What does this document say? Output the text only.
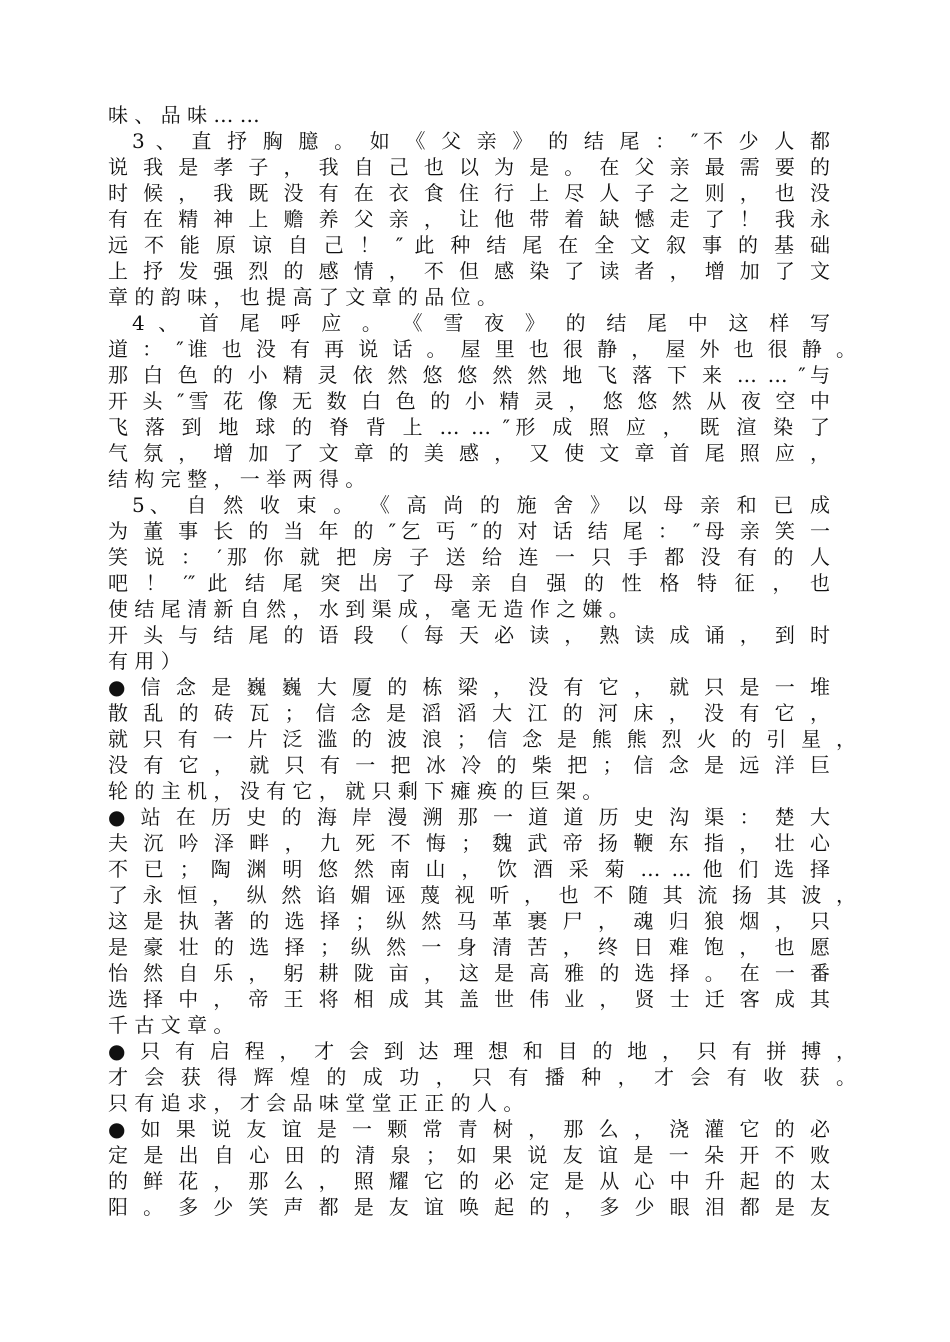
味 、 品 味 … …
3 、 直 抒 胸 臆 。 如 《 父 亲 》 的 结 尾 ： ″不 少 人 都
说 我 是 孝 子 ， 我 自 己 也 以 为 是 。 在 父 亲 最 需 要 的
时 候 ， 我 既 没 有 在 衣 食 住 行 上 尽 人 子 之 则 ， 也 没
有 在 精 神 上 赡 养 父 亲 ， 让 他 带 着 缺 憾 走 了 ！ 我 永
远 不 能 原 谅 自 己 ！ ″ 此 种 结 尾 在 全 文 叙 事 的 基 础
上 抒 发 强 烈 的 感 情 ， 不 但 感 染 了 读 者 ， 增 加 了 文
章 的 韵 味 ， 也 提 高 了 文 章 的 品 位 。
4 、 首 尾 呼 应 。 《 雪 夜 》 的 结 尾 中 这 样 写
道 ： ″谁 也 没 有 再 说 话 。 屋 里 也 很 静 ， 屋 外 也 很 静 。
那 白 色 的 小 精 灵 依 然 悠 悠 然 然 地 飞 落 下 来 … … ″与
开 头 ″雪 花 像 无 数 白 色 的 小 精 灵 ， 悠 悠 然 从 夜 空 中
飞 落 到 地 球 的 脊 背 上 … … ″形 成 照 应 ， 既 渲 染 了
气 氛 ， 增 加 了 文 章 的 美 感 ， 又 使 文 章 首 尾 照 应 ，
结 构 完 整 ， 一 举 两 得 。
5、 自 然 收 束 。 《 高 尚 的 施 舍 》 以 母 亲 和 已 成
为 董 事 长 的 当 年 的 ″乞 丐 ″的 对 话 结 尾 ： ″母 亲 笑 一
笑 说 ： ′那 你 就 把 房 子 送 给 连 一 只 手 都 没 有 的 人
吧 ！ ′″ 此 结 尾 突 出 了 母 亲 自 强 的 性 格 特 征 ， 也
使 结 尾 清 新 自 然 ， 水 到 渠 成 ， 毫 无 造 作 之 嫌 。
开 头 与 结 尾 的 语 段 （ 每 天 必 读 ， 熟 读 成 诵 ， 到 时
有 用 ）
● 信 念 是 巍 巍 大 厦 的 栋 梁 ， 没 有 它 ， 就 只 是 一 堆
散 乱 的 砖 瓦 ； 信 念 是 滔 滔 大 江 的 河 床 ， 没 有 它 ，
就 只 有 一 片 泛 滥 的 波 浪 ； 信 念 是 熊 熊 烈 火 的 引 星 ，
没 有 它 ， 就 只 有 一 把 冰 冷 的 柴 把 ； 信 念 是 远 洋 巨
轮 的 主 机 ， 没 有 它 ， 就 只 剩 下 瘫 痪 的 巨 架 。
● 站 在 历 史 的 海 岸 漫 溯 那 一 道 道 历 史 沟 渠 ： 楚 大
夫 沉 吟 泽 畔 ， 九 死 不 悔 ； 魏 武 帝 扬 鞭 东 指 ， 壮 心
不 已 ； 陶 渊 明 悠 然 南 山 ， 饮 酒 采 菊 … … 他 们 选 择
了 永 恒 ， 纵 然 谄 媚 诬 蔑 视 听 ， 也 不 随 其 流 扬 其 波 ，
这 是 执 著 的 选 择 ； 纵 然 马 革 裹 尸 ， 魂 归 狼 烟 ， 只
是 豪 壮 的 选 择 ； 纵 然 一 身 清 苦 ， 终 日 难 饱 ， 也 愿
怡 然 自 乐 ， 躬 耕 陇 亩 ， 这 是 高 雅 的 选 择 。 在 一 番
选 择 中 ， 帝 王 将 相 成 其 盖 世 伟 业 ， 贤 士 迁 客 成 其
千 古 文 章 。
● 只 有 启 程 ， 才 会 到 达 理 想 和 目 的 地 ， 只 有 拼 搏 ，
才 会 获 得 辉 煌 的 成 功 ， 只 有 播 种 ， 才 会 有 收 获 。
只 有 追 求 ， 才 会 品 味 堂 堂 正 正 的 人 。
● 如 果 说 友 谊 是 一 颗 常 青 树 ， 那 么 ， 浇 灌 它 的 必
定 是 出 自 心 田 的 清 泉 ； 如 果 说 友 谊 是 一 朵 开 不 败
的 鲜 花 ， 那 么 ， 照 耀 它 的 必 定 是 从 心 中 升 起 的 太
阳 。 多 少 笑 声 都 是 友 谊 唤 起 的 ， 多 少 眼 泪 都 是 友
